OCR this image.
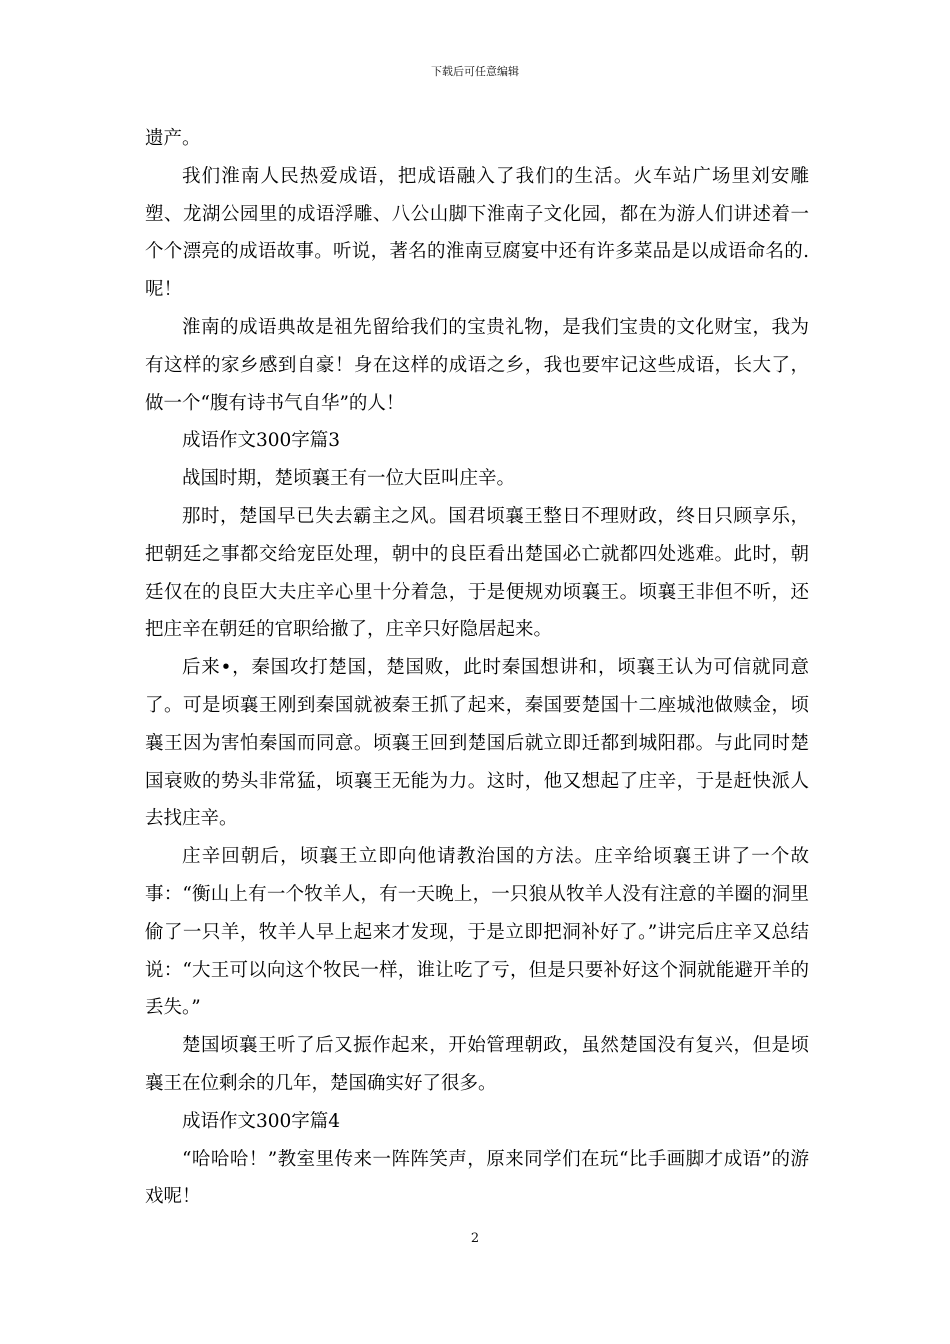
下载后可任意编辑

遗产。

我们淮南人民热爱成语，把成语融入了我们的生活。火车站广场里刘安雕塑、龙湖公园里的成语浮雕、八公山脚下淮南子文化园，都在为游人们讲述着一个个漂亮的成语故事。听说，著名的淮南豆腐宴中还有许多菜品是以成语命名的.呢！

淮南的成语典故是祖先留给我们的宝贵礼物，是我们宝贵的文化财宝，我为有这样的家乡感到自豪！身在这样的成语之乡，我也要牢记这些成语，长大了，做一个“腹有诗书气自华”的人！

成语作文300字篇3

战国时期，楚顷襄王有一位大臣叫庄辛。

那时，楚国早已失去霸主之风。国君顷襄王整日不理财政，终日只顾享乐，把朝廷之事都交给宠臣处理，朝中的良臣看出楚国必亡就都四处逃难。此时，朝廷仅在的良臣大夫庄辛心里十分着急，于是便规劝顷襄王。顷襄王非但不听，还把庄辛在朝廷的官职给撤了，庄辛只好隐居起来。

后来•，秦国攻打楚国，楚国败，此时秦国想讲和，顷襄王认为可信就同意了。可是顷襄王刚到秦国就被秦王抓了起来，秦国要楚国十二座城池做赎金，顷襄王因为害怕秦国而同意。顷襄王回到楚国后就立即迁都到城阳郡。与此同时楚国衰败的势头非常猛，顷襄王无能为力。这时，他又想起了庄辛，于是赶快派人去找庄辛。

庄辛回朝后，顷襄王立即向他请教治国的方法。庄辛给顷襄王讲了一个故事：“衡山上有一个牧羊人，有一天晚上，一只狼从牧羊人没有注意的羊圈的洞里偷了一只羊，牧羊人早上起来才发现，于是立即把洞补好了。”讲完后庄辛又总结说：“大王可以向这个牧民一样，谁让吃了亏，但是只要补好这个洞就能避开羊的丢失。”

楚国顷襄王听了后又振作起来，开始管理朝政，虽然楚国没有复兴，但是顷襄王在位剩余的几年，楚国确实好了很多。

成语作文300字篇4

“哈哈哈！”教室里传来一阵阵笑声，原来同学们在玩“比手画脚才成语”的游戏呢！

2
